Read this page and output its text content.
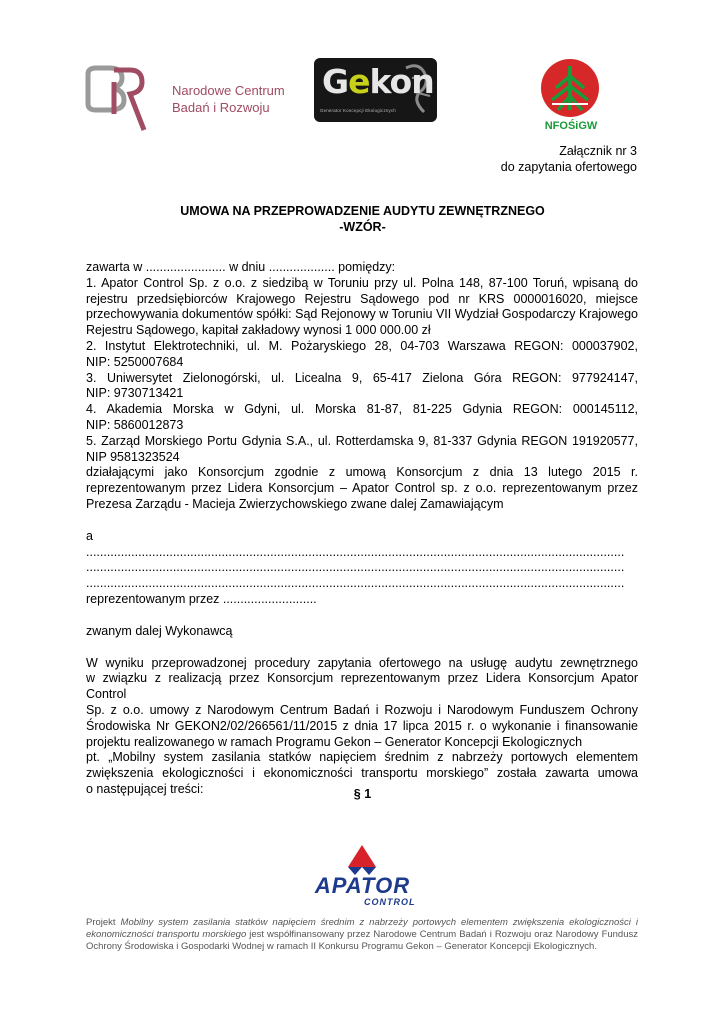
Narodowe Centrum
Badań i Rozwoju
Gekon
Generator Koncepcji Ekologicznych
NFOŚiGW
Załącznik nr 3
do zapytania ofertowego
UMOWA NA PRZEPROWADZENIE AUDYTU ZEWNĘTRZNEGO
-WZÓR-

zawarta w ....................... w dniu ................... pomiędzy:

1. Apator Control Sp. z o.o. z siedzibą w Toruniu przy ul. Polna 148, 87-100 Toruń, wpisaną do

rejestru przedsiębiorców Krajowego Rejestru Sądowego pod nr KRS 0000016020, miejsce

przechowywania dokumentów spółki: Sąd Rejonowy w Toruniu VII Wydział Gospodarczy Krajowego

Rejestru Sądowego, kapitał zakładowy wynosi 1 000 000.00 zł

2. Instytut Elektrotechniki, ul. M. Pożaryskiego 28, 04-703 Warszawa REGON: 000037902,

NIP: 5250007684

3. Uniwersytet Zielonogórski, ul. Licealna 9, 65-417 Zielona Góra REGON: 977924147,

NIP: 9730713421

4. Akademia Morska w Gdyni, ul. Morska 81-87, 81-225 Gdynia REGON: 000145112,

NIP: 5860012873

5. Zarząd Morskiego Portu Gdynia S.A., ul. Rotterdamska 9, 81-337 Gdynia REGON 191920577,

NIP 9581323524

działającymi jako Konsorcjum zgodnie z umową Konsorcjum z dnia 13 lutego 2015 r.

reprezentowanym przez Lidera Konsorcjum – Apator Control sp. z o.o. reprezentowanym przez

Prezesa Zarządu - Macieja Zwierzychowskiego zwane dalej Zamawiającym

a

...........................................................................................................................................................

...........................................................................................................................................................

...........................................................................................................................................................

reprezentowanym przez ...........................

zwanym dalej Wykonawcą

W wyniku przeprowadzonej procedury zapytania ofertowego na usługę audytu zewnętrznego

w związku z realizacją przez Konsorcjum reprezentowanym przez Lidera Konsorcjum Apator Control

Sp. z o.o. umowy z Narodowym Centrum Badań i Rozwoju i Narodowym Funduszem Ochrony

Środowiska Nr GEKON2/02/266561/11/2015 z dnia 17 lipca 2015 r. o wykonanie i finansowanie

projektu realizowanego w ramach Programu Gekon – Generator Koncepcji Ekologicznych

pt. „Mobilny system zasilania statków napięciem średnim z nabrzeży portowych elementem

zwiększenia ekologiczności i ekonomiczności transportu morskiego” została zawarta umowa

o następującej treści:	§ 1
APATOR
CONTROL
Projekt Mobilny system zasilania statków napięciem średnim z nabrzeży portowych elementem zwiększenia ekologiczności i ekonomiczności transportu morskiego jest współfinansowany przez Narodowe Centrum Badań i Rozwoju oraz Narodowy Fundusz Ochrony Środowiska i Gospodarki Wodnej w ramach II Konkursu Programu Gekon – Generator Koncepcji Ekologicznych.
